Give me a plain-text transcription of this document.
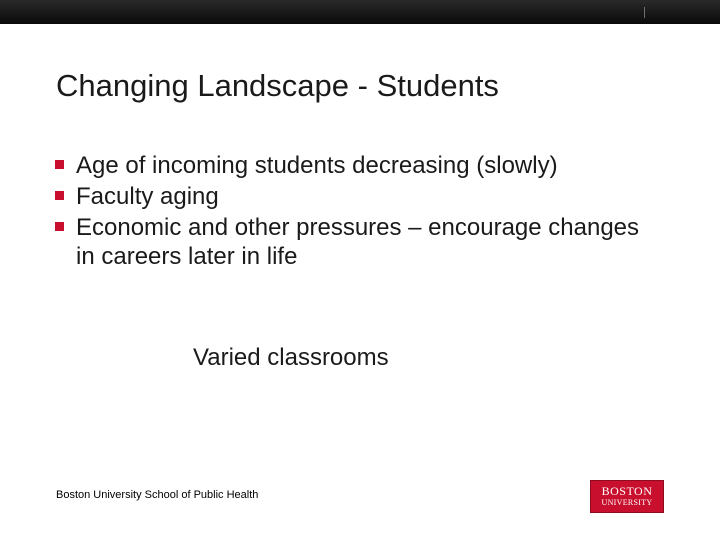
Changing Landscape - Students
Age of incoming students decreasing (slowly)
Faculty aging
Economic and other pressures – encourage changes in careers later in life
Varied classrooms
Boston University School of Public Health	BOSTON
UNIVERSITY
